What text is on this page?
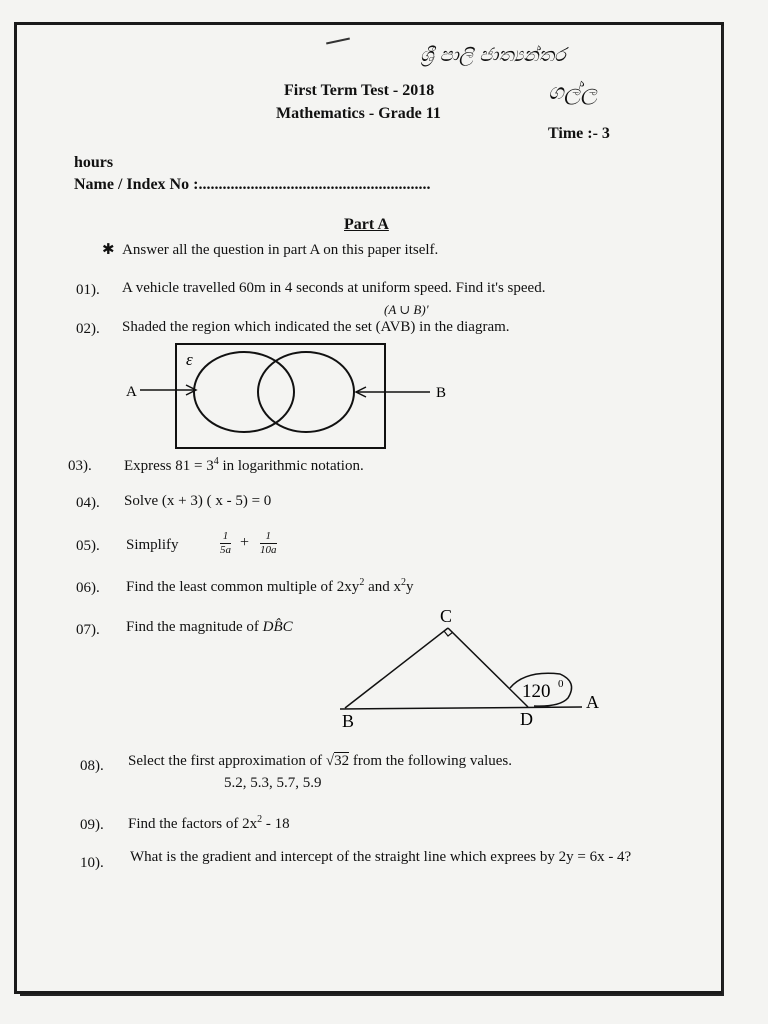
ශ්‍රී පාලි ජාත්‍යන්තර
ගල්ල
First Term Test - 2018
Mathematics - Grade 11
Time :- 3
hours
Name / Index No :..........................................................
Part A
✱ Answer all the question in part A on this paper itself.
01). A vehicle travelled 60m in 4 seconds at uniform speed. Find it's speed.
02). Shaded the region which indicated the set (AVB) in the diagram.
(A ∪ B)'
ε
A	B
03). Express $81 = 3^4$ in logarithmic notation.
04). Solve (x + 3) ( x - 5) = 0
05). Simplify	$\frac{1}{5a} + \frac{1}{10a}$
06). Find the least common multiple of $2xy^2$ and $x^2y$
07). Find the magnitude of DB̂C
C
B	D
A
120 0
08). Select the first approximation of √32 from the following values.
5.2, 5.3, 5.7, 5.9
09). Find the factors of $2x^2 - 18$
10). What is the gradient and intercept of the straight line which exprees by 2y = 6x - 4?
